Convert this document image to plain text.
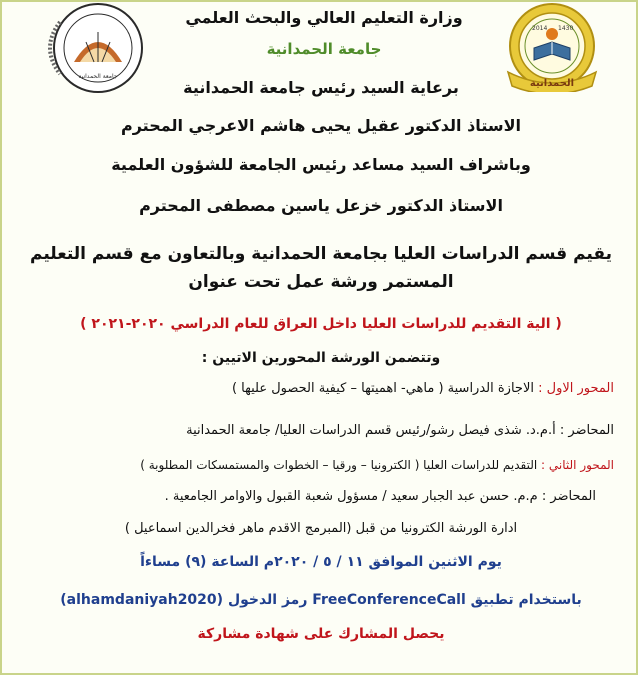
2014 1430
الحمدانية
جامعة الحمدانية
وزارة التعليم العالي والبحث العلمي
جامعة الحمدانية
برعاية السيد رئيس جامعة الحمدانية
الاستاذ الدكتور عقيل يحيى هاشم الاعرجي المحترم
وباشراف السيد مساعد رئيس الجامعة للشؤون العلمية
الاستاذ الدكتور خزعل ياسين مصطفى المحترم
يقيم قسم الدراسات العليا بجامعة الحمدانية وبالتعاون مع قسم التعليم
المستمر ورشة عمل تحت عنوان
( الية التقديم للدراسات العليا داخل العراق للعام الدراسي ٢٠٢٠-٢٠٢١ )
وتتضمن الورشة المحورين الاتيين :
المحور الاول : الاجازة الدراسية ( ماهي- اهميتها – كيفية الحصول عليها )
المحاضر : أ.م.د. شذى فيصل رشو/رئيس قسم الدراسات العليا/ جامعة الحمدانية
المحور الثاني : التقديم للدراسات العليا ( الكترونيا – ورقيا – الخطوات والمستمسكات المطلوبة )
المحاضر : م.م. حسن عبد الجبار سعيد / مسؤول شعبة القبول والاوامر الجامعية .
ادارة الورشة الكترونيا من قبل (المبرمج الاقدم ماهر فخرالدين اسماعيل )
يوم الاثنين الموافق ١١ / ٥ / ٢٠٢٠م الساعة (٩) مساءاً
باستخدام تطبيق FreeConferenceCall رمز الدخول (alhamdaniyah2020)
يحصل المشارك على شهادة مشاركة
